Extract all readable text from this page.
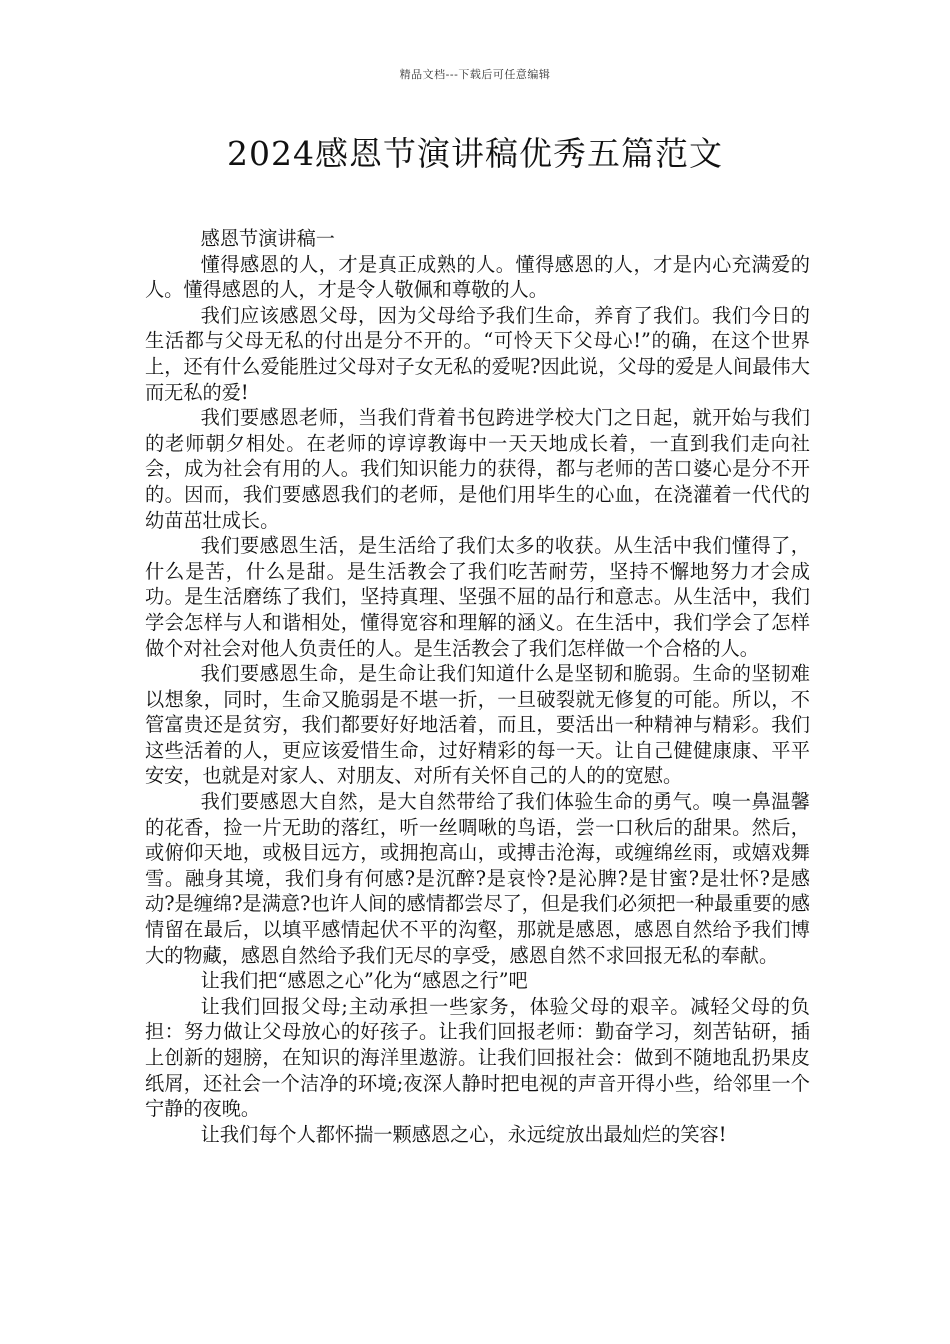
精品文档---下载后可任意编辑
2024感恩节演讲稿优秀五篇范文

感恩节演讲稿一

懂得感恩的人，才是真正成熟的人。懂得感恩的人，才是内心充满爱的人。懂得感恩的人，才是令人敬佩和尊敬的人。

我们应该感恩父母，因为父母给予我们生命，养育了我们。我们今日的生活都与父母无私的付出是分不开的。“可怜天下父母心!”的确，在这个世界上，还有什么爱能胜过父母对子女无私的爱呢?因此说，父母的爱是人间最伟大而无私的爱!

我们要感恩老师，当我们背着书包跨进学校大门之日起，就开始与我们的老师朝夕相处。在老师的谆谆教诲中一天天地成长着，一直到我们走向社会，成为社会有用的人。我们知识能力的获得，都与老师的苦口婆心是分不开的。因而，我们要感恩我们的老师，是他们用毕生的心血，在浇灌着一代代的幼苗茁壮成长。

我们要感恩生活，是生活给了我们太多的收获。从生活中我们懂得了，什么是苦，什么是甜。是生活教会了我们吃苦耐劳，坚持不懈地努力才会成功。是生活磨练了我们，坚持真理、坚强不屈的品行和意志。从生活中，我们学会怎样与人和谐相处，懂得宽容和理解的涵义。在生活中，我们学会了怎样做个对社会对他人负责任的人。是生活教会了我们怎样做一个合格的人。

我们要感恩生命，是生命让我们知道什么是坚韧和脆弱。生命的坚韧难以想象，同时，生命又脆弱是不堪一折，一旦破裂就无修复的可能。所以，不管富贵还是贫穷，我们都要好好地活着，而且，要活出一种精神与精彩。我们这些活着的人，更应该爱惜生命，过好精彩的每一天。让自己健健康康、平平安安，也就是对家人、对朋友、对所有关怀自己的人的的宽慰。

我们要感恩大自然，是大自然带给了我们体验生命的勇气。嗅一鼻温馨的花香，捡一片无助的落红，听一丝啁啾的鸟语，尝一口秋后的甜果。然后，或俯仰天地，或极目远方，或拥抱高山，或搏击沧海，或缠绵丝雨，或嬉戏舞雪。融身其境，我们身有何感?是沉醉?是哀怜?是沁脾?是甘蜜?是壮怀?是感动?是缠绵?是满意?也许人间的感情都尝尽了，但是我们必须把一种最重要的感情留在最后，以填平感情起伏不平的沟壑，那就是感恩，感恩自然给予我们博大的物藏，感恩自然给予我们无尽的享受，感恩自然不求回报无私的奉献。

让我们把“感恩之心”化为“感恩之行”吧

让我们回报父母;主动承担一些家务，体验父母的艰辛。减轻父母的负担：努力做让父母放心的好孩子。让我们回报老师：勤奋学习，刻苦钻研，插上创新的翅膀，在知识的海洋里遨游。让我们回报社会：做到不随地乱扔果皮纸屑，还社会一个洁净的环境;夜深人静时把电视的声音开得小些，给邻里一个宁静的夜晚。

让我们每个人都怀揣一颗感恩之心，永远绽放出最灿烂的笑容!
